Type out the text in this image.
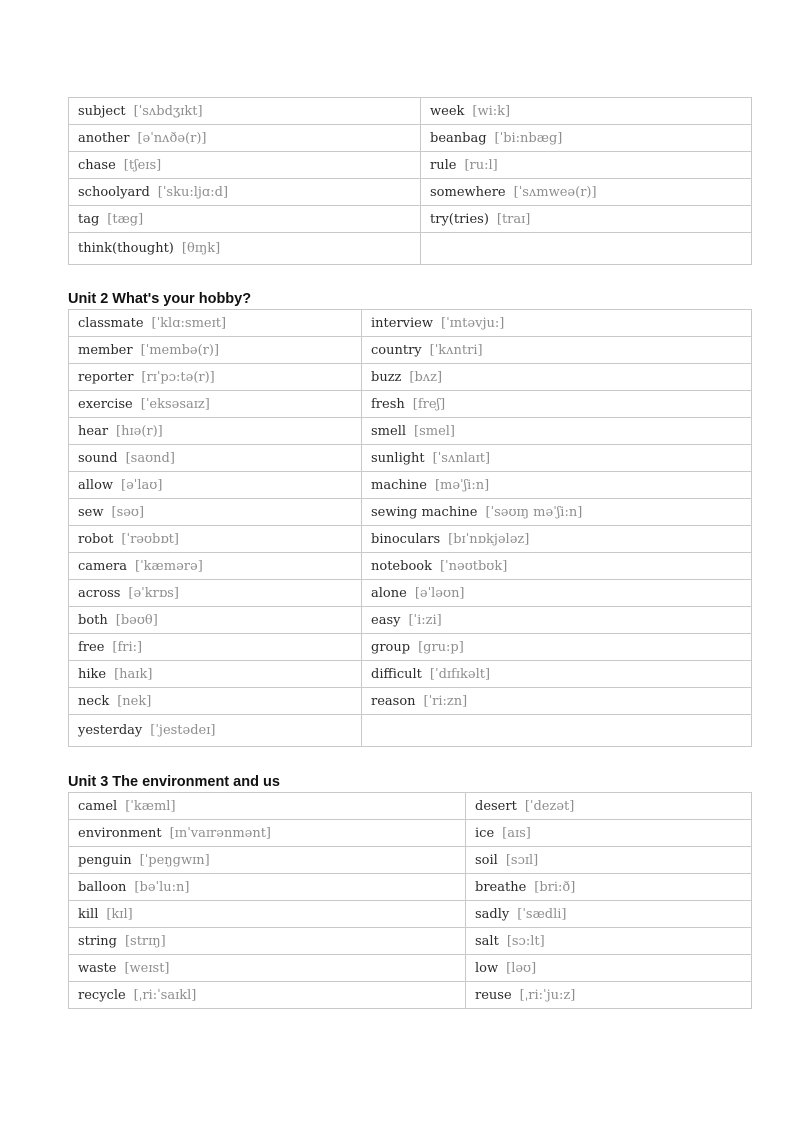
subject [ˈsʌbdʒɪkt]	week [wi:k]
another [əˈnʌðə(r)]	beanbag [ˈbi:nbæg]
chase [tʃeɪs]	rule [ru:l]
schoolyard [ˈsku:ljɑ:d]	somewhere [ˈsʌmweə(r)]
tag [tæg]	try(tries) [traɪ]
think(thought) [θɪŋk]	
Unit 2 What's your hobby?
classmate [ˈklɑ:smeɪt]	interview [ˈɪntəvju:]
member [ˈmembə(r)]	country [ˈkʌntri]
reporter [rɪˈpɔ:tə(r)]	buzz [bʌz]
exercise [ˈeksəsaɪz]	fresh [freʃ]
hear [hɪə(r)]	smell [smel]
sound [saʊnd]	sunlight [ˈsʌnlaɪt]
allow [əˈlaʊ]	machine [məˈʃi:n]
sew [səʊ]	sewing machine [ˈsəʊɪŋ məˈʃi:n]
robot [ˈrəʊbɒt]	binoculars [bɪˈnɒkjələz]
camera [ˈkæmərə]	notebook [ˈnəʊtbʊk]
across [əˈkrɒs]	alone [əˈləʊn]
both [bəʊθ]	easy [ˈi:zi]
free [fri:]	group [gru:p]
hike [haɪk]	difficult [ˈdɪfɪkəlt]
neck [nek]	reason [ˈri:zn]
yesterday [ˈjestədeɪ]	
Unit 3 The environment and us
camel [ˈkæml]	desert [ˈdezət]
environment [ɪnˈvaɪrənmənt]	ice [aɪs]
penguin [ˈpeŋgwɪn]	soil [sɔɪl]
balloon [bəˈlu:n]	breathe [bri:ð]
kill [kɪl]	sadly [ˈsædli]
string [strɪŋ]	salt [sɔ:lt]
waste [weɪst]	low [ləʊ]
recycle [ˌri:ˈsaɪkl]	reuse [ˌri:ˈju:z]
